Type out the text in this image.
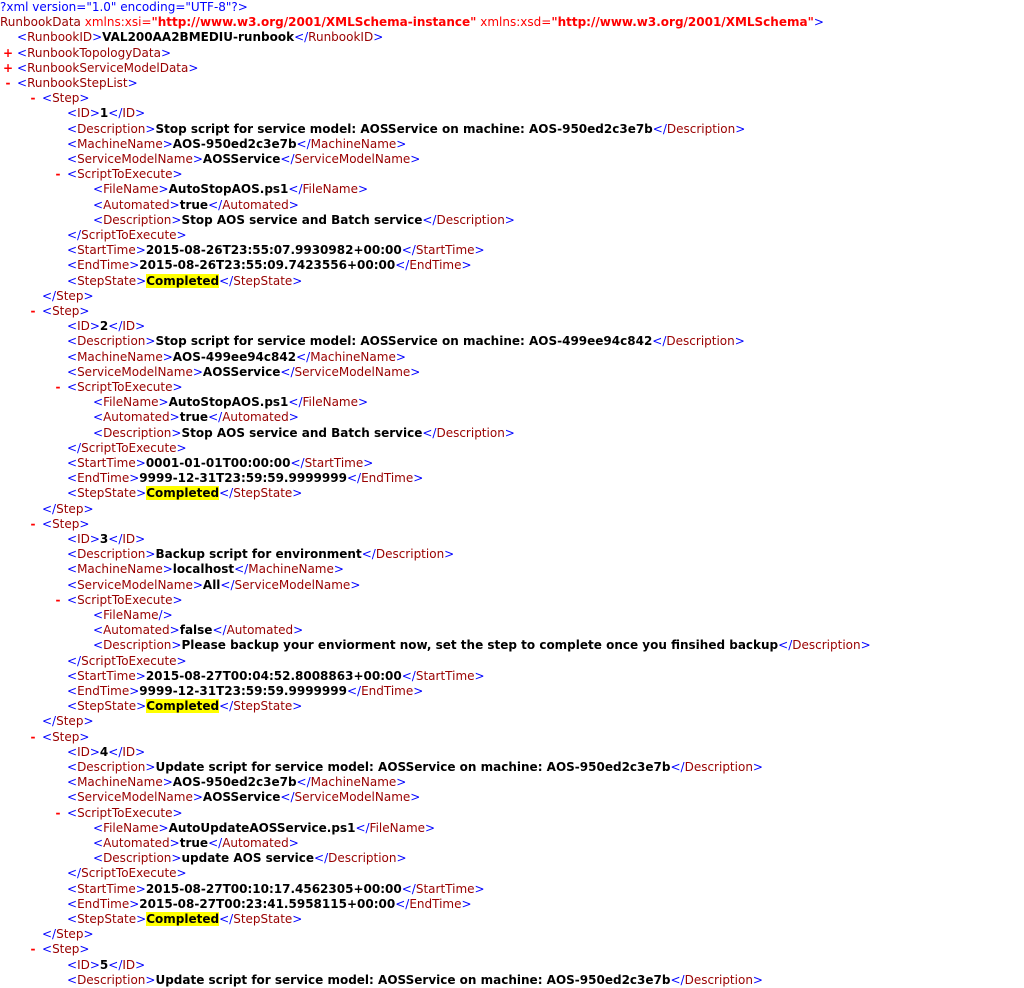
?xml version="1.0" encoding="UTF-8"?>
RunbookData xmlns:xsi="http://www.w3.org/2001/XMLSchema-instance" xmlns:xsd="http://www.w3.org/2001/XMLSchema">
<RunbookID>VAL200AA2BMEDIU-runbook</RunbookID>
<RunbookTopologyData>
+
<RunbookServiceModelData>
+
<RunbookStepList>
-
<Step>
-
<ID>1</ID>
<Description>Stop script for service model: AOSService on machine: AOS-950ed2c3e7b</Description>
<MachineName>AOS-950ed2c3e7b</MachineName>
<ServiceModelName>AOSService</ServiceModelName>
<ScriptToExecute>
-
<FileName>AutoStopAOS.ps1</FileName>
<Automated>true</Automated>
<Description>Stop AOS service and Batch service</Description>
</ScriptToExecute>
<StartTime>2015-08-26T23:55:07.9930982+00:00</StartTime>
<EndTime>2015-08-26T23:55:09.7423556+00:00</EndTime>
<StepState>Completed</StepState>
</Step>
<Step>
-
<ID>2</ID>
<Description>Stop script for service model: AOSService on machine: AOS-499ee94c842</Description>
<MachineName>AOS-499ee94c842</MachineName>
<ServiceModelName>AOSService</ServiceModelName>
<ScriptToExecute>
-
<FileName>AutoStopAOS.ps1</FileName>
<Automated>true</Automated>
<Description>Stop AOS service and Batch service</Description>
</ScriptToExecute>
<StartTime>0001-01-01T00:00:00</StartTime>
<EndTime>9999-12-31T23:59:59.9999999</EndTime>
<StepState>Completed</StepState>
</Step>
<Step>
-
<ID>3</ID>
<Description>Backup script for environment</Description>
<MachineName>localhost</MachineName>
<ServiceModelName>All</ServiceModelName>
<ScriptToExecute>
-
<FileName/>
<Automated>false</Automated>
<Description>Please backup your enviorment now, set the step to complete once you finsihed backup</Description>
</ScriptToExecute>
<StartTime>2015-08-27T00:04:52.8008863+00:00</StartTime>
<EndTime>9999-12-31T23:59:59.9999999</EndTime>
<StepState>Completed</StepState>
</Step>
<Step>
-
<ID>4</ID>
<Description>Update script for service model: AOSService on machine: AOS-950ed2c3e7b</Description>
<MachineName>AOS-950ed2c3e7b</MachineName>
<ServiceModelName>AOSService</ServiceModelName>
<ScriptToExecute>
-
<FileName>AutoUpdateAOSService.ps1</FileName>
<Automated>true</Automated>
<Description>update AOS service</Description>
</ScriptToExecute>
<StartTime>2015-08-27T00:10:17.4562305+00:00</StartTime>
<EndTime>2015-08-27T00:23:41.5958115+00:00</EndTime>
<StepState>Completed</StepState>
</Step>
<Step>
-
<ID>5</ID>
<Description>Update script for service model: AOSService on machine: AOS-950ed2c3e7b</Description>
